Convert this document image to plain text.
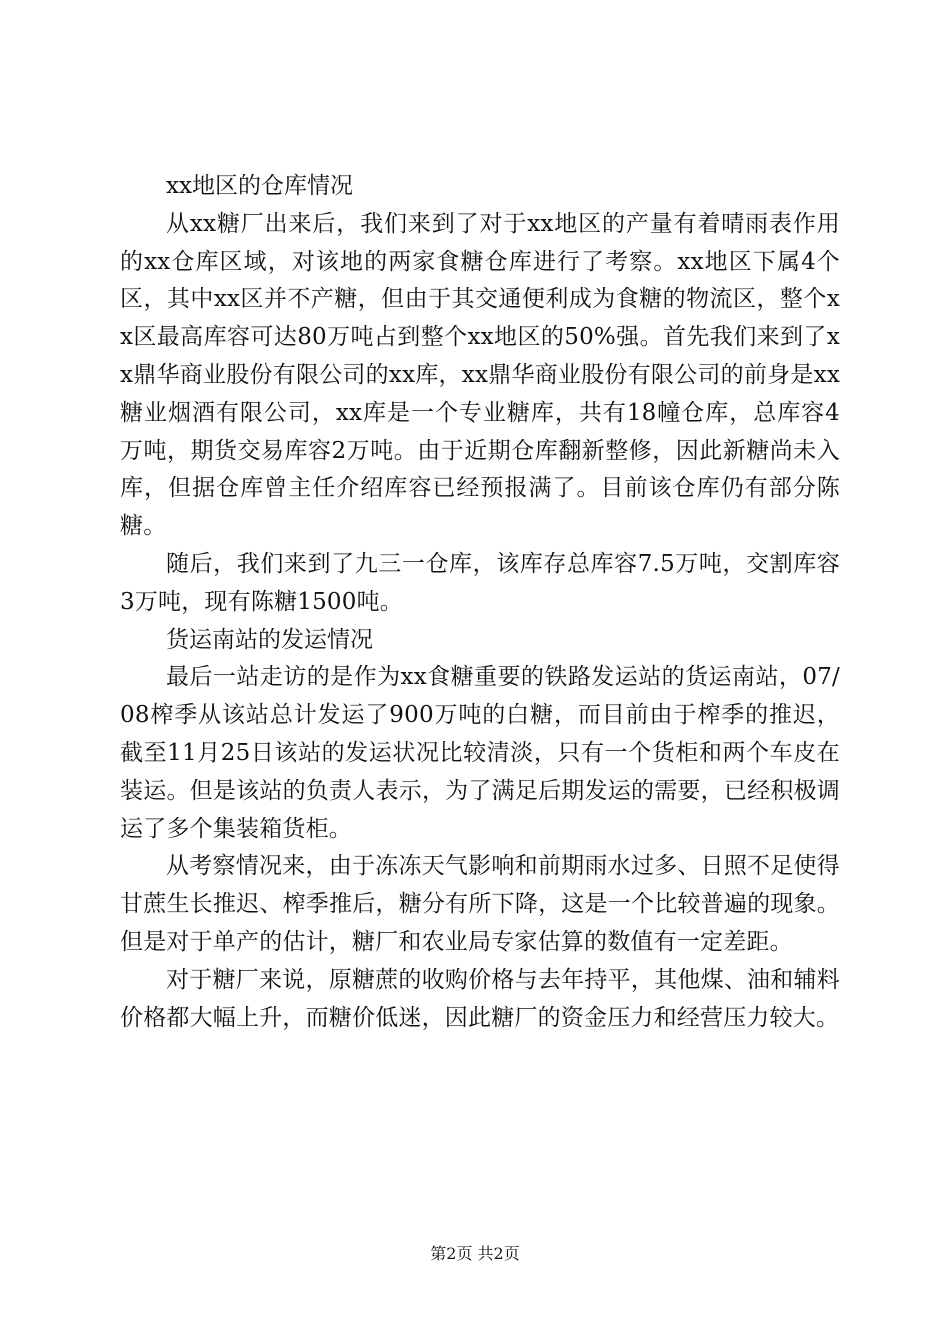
xx地区的仓库情况

从xx糖厂出来后，我们来到了对于xx地区的产量有着晴雨表作用的xx仓库区域，对该地的两家食糖仓库进行了考察。xx地区下属4个区，其中xx区并不产糖，但由于其交通便利成为食糖的物流区，整个xx区最高库容可达80万吨占到整个xx地区的50%强。首先我们来到了xx鼎华商业股份有限公司的xx库，xx鼎华商业股份有限公司的前身是xx糖业烟酒有限公司，xx库是一个专业糖库，共有18幢仓库，总库容4万吨，期货交易库容2万吨。由于近期仓库翻新整修，因此新糖尚未入库，但据仓库曾主任介绍库容已经预报满了。目前该仓库仍有部分陈糖。

随后，我们来到了九三一仓库，该库存总库容7.5万吨，交割库容3万吨，现有陈糖1500吨。

货运南站的发运情况

最后一站走访的是作为xx食糖重要的铁路发运站的货运南站，07/08榨季从该站总计发运了900万吨的白糖，而目前由于榨季的推迟，截至11月25日该站的发运状况比较清淡，只有一个货柜和两个车皮在装运。但是该站的负责人表示，为了满足后期发运的需要，已经积极调运了多个集装箱货柜。

从考察情况来，由于冻冻天气影响和前期雨水过多、日照不足使得甘蔗生长推迟、榨季推后，糖分有所下降，这是一个比较普遍的现象。但是对于单产的估计，糖厂和农业局专家估算的数值有一定差距。

对于糖厂来说，原糖蔗的收购价格与去年持平，其他煤、油和辅料价格都大幅上升，而糖价低迷，因此糖厂的资金压力和经营压力较大。

第2页 共2页
